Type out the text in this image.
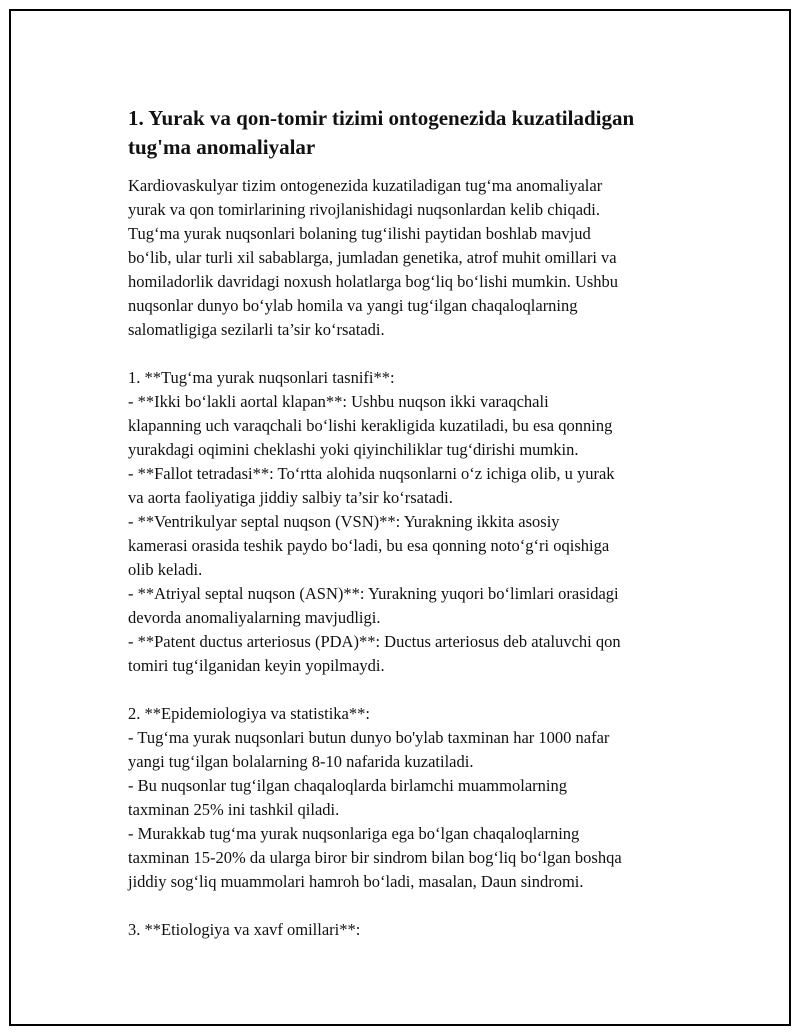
1. Yurak va qon-tomir tizimi ontogenezida kuzatiladigan
tug'ma anomaliyalar

Kardiovaskulyar tizim ontogenezida kuzatiladigan tug‘ma anomaliyalar
yurak va qon tomirlarining rivojlanishidagi nuqsonlardan kelib chiqadi.
Tug‘ma yurak nuqsonlari bolaning tug‘ilishi paytidan boshlab mavjud
bo‘lib, ular turli xil sabablarga, jumladan genetika, atrof muhit omillari va
homiladorlik davridagi noxush holatlarga bog‘liq bo‘lishi mumkin. Ushbu
nuqsonlar dunyo bo‘ylab homila va yangi tug‘ilgan chaqaloqlarning
salomatligiga sezilarli ta’sir ko‘rsatadi.

1. **Tug‘ma yurak nuqsonlari tasnifi**:
- **Ikki bo‘lakli aortal klapan**: Ushbu nuqson ikki varaqchali
klapanning uch varaqchali bo‘lishi kerakligida kuzatiladi, bu esa qonning
yurakdagi oqimini cheklashi yoki qiyinchiliklar tug‘dirishi mumkin.
- **Fallot tetradasi**: To‘rtta alohida nuqsonlarni o‘z ichiga olib, u yurak
va aorta faoliyatiga jiddiy salbiy ta’sir ko‘rsatadi.
- **Ventrikulyar septal nuqson (VSN)**: Yurakning ikkita asosiy
kamerasi orasida teshik paydo bo‘ladi, bu esa qonning noto‘g‘ri oqishiga
olib keladi.
- **Atriyal septal nuqson (ASN)**: Yurakning yuqori bo‘limlari orasidagi
devorda anomaliyalarning mavjudligi.
- **Patent ductus arteriosus (PDA)**: Ductus arteriosus deb ataluvchi qon
tomiri tug‘ilganidan keyin yopilmaydi.

2. **Epidemiologiya va statistika**:
- Tug‘ma yurak nuqsonlari butun dunyo bo'ylab taxminan har 1000 nafar
yangi tug‘ilgan bolalarning 8-10 nafarida kuzatiladi.
- Bu nuqsonlar tug‘ilgan chaqaloqlarda birlamchi muammolarning
taxminan 25% ini tashkil qiladi.
- Murakkab tug‘ma yurak nuqsonlariga ega bo‘lgan chaqaloqlarning
taxminan 15-20% da ularga biror bir sindrom bilan bog‘liq bo‘lgan boshqa
jiddiy sog‘liq muammolari hamroh bo‘ladi, masalan, Daun sindromi.

3. **Etiologiya va xavf omillari**:
